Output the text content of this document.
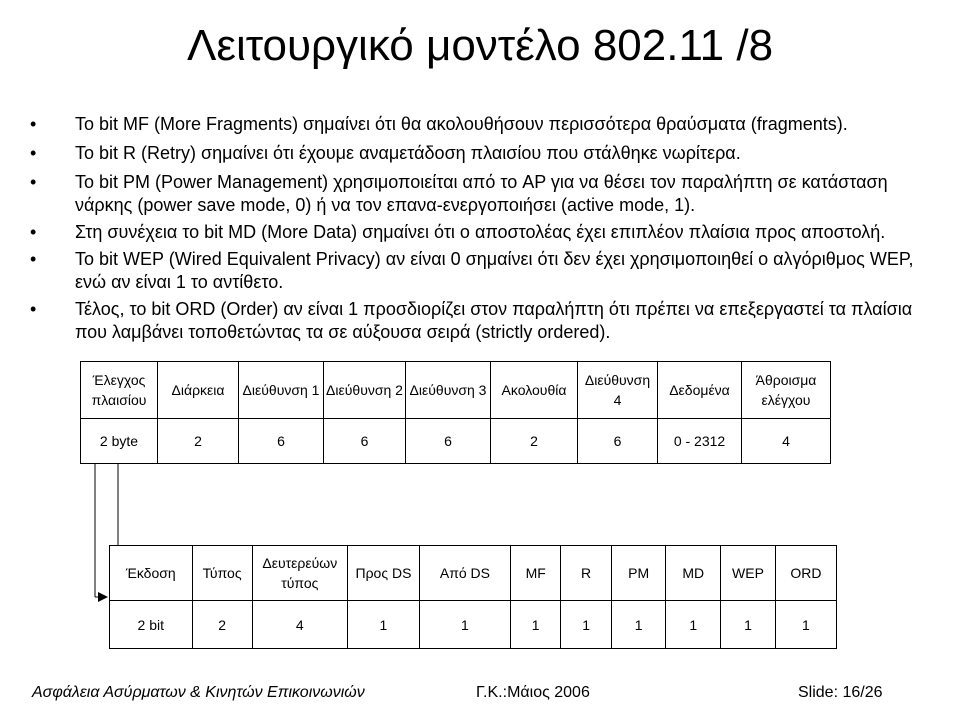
Λειτουργικό μοντέλο 802.11 /8
• Το bit MF (More Fragments) σημαίνει ότι θα ακολουθήσουν περισσότερα θραύσματα (fragments).
• Το bit R (Retry) σημαίνει ότι έχουμε αναμετάδοση πλαισίου που στάλθηκε νωρίτερα.
• Το bit PM (Power Management) χρησιμοποιείται από το AP για να θέσει τον παραλήπτη σε κατάσταση νάρκης (power save mode, 0) ή να τον επανα-ενεργοποιήσει (active mode, 1).
• Στη συνέχεια το bit MD (More Data) σημαίνει ότι ο αποστολέας έχει επιπλέον πλαίσια προς αποστολή.
• Το bit WEP (Wired Equivalent Privacy) αν είναι 0 σημαίνει ότι δεν έχει χρησιμοποιηθεί ο αλγόριθμος WEP, ενώ αν είναι 1 το αντίθετο.
• Τέλος, το bit ORD (Order) αν είναι 1 προσδιορίζει στον παραλήπτη ότι πρέπει να επεξεργαστεί τα πλαίσια που λαμβάνει τοποθετώντας τα σε αύξουσα σειρά (strictly ordered).
Έλεγχος πλαισίου	Διάρκεια	Διεύθυνση 1	Διεύθυνση 2	Διεύθυνση 3	Ακολουθία	Διεύθυνση 4	Δεδομένα	Άθροισμα ελέγχου
2 byte	2	6	6	6	2	6	0 - 2312	4
Έκδοση	Τύπος	Δευτερεύων τύπος	Προς DS	Από DS	MF	R	PM	MD	WEP	ORD
2 bit	2	4	1	1	1	1	1	1	1	1
Ασφάλεια Ασύρματων & Κινητών Επικοινωνιών	Γ.Κ.:Μάιος 2006	Slide: 16/26
